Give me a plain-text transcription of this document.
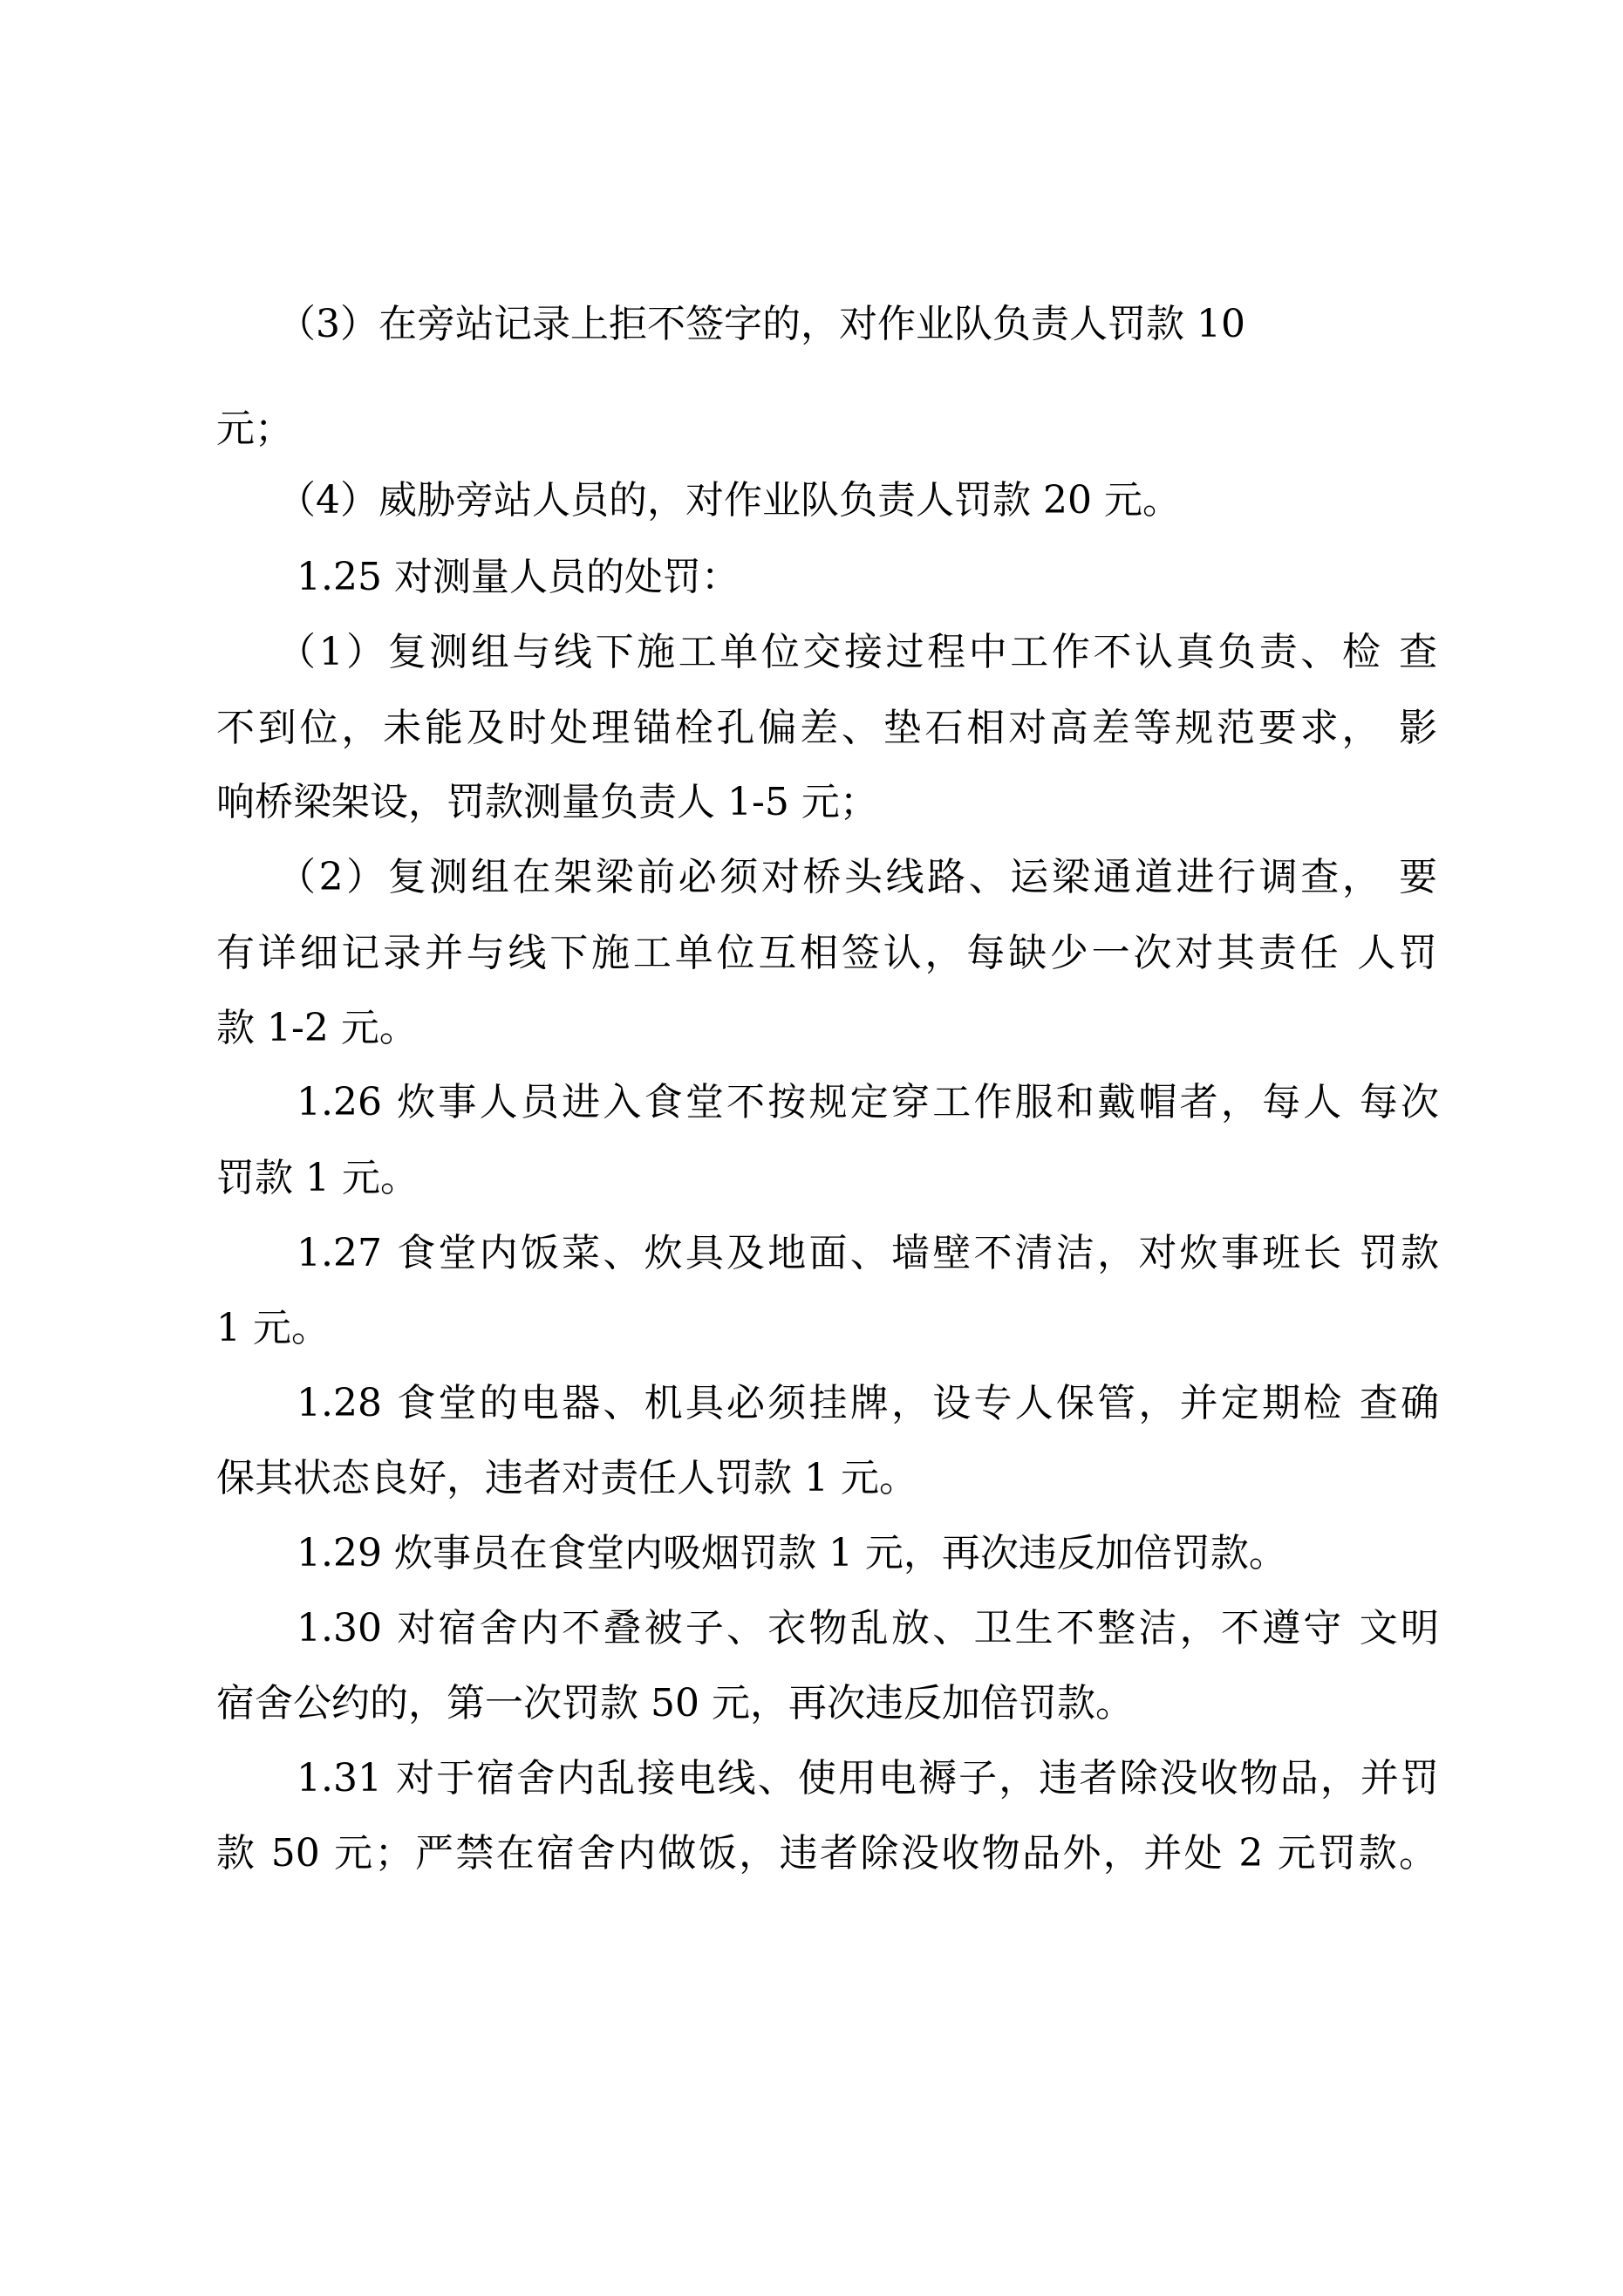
（3）在旁站记录上拒不签字的，对作业队负责人罚款 10
元；
（4）威胁旁站人员的，对作业队负责人罚款 20 元。
1.25 对测量人员的处罚：
（1）复测组与线下施工单位交接过程中工作不认真负责、检 查
不到位，未能及时处理锚栓孔偏差、垫石相对高差等规范要求， 影
响桥梁架设，罚款测量负责人 1-5 元；
（2）复测组在架梁前必须对桥头线路、运梁通道进行调查， 要
有详细记录并与线下施工单位互相签认，每缺少一次对其责任 人罚
款 1-2 元。
1.26 炊事人员进入食堂不按规定穿工作服和戴帽者，每人 每次
罚款 1 元。
1.27 食堂内饭菜、炊具及地面、墙壁不清洁，对炊事班长 罚款
1 元。
1.28 食堂的电器、机具必须挂牌，设专人保管，并定期检 查确
保其状态良好，违者对责任人罚款 1 元。
1.29 炊事员在食堂内吸烟罚款 1 元，再次违反加倍罚款。
1.30 对宿舍内不叠被子、衣物乱放、卫生不整洁，不遵守 文明
宿舍公约的，第一次罚款 50 元，再次违反加倍罚款。
1.31 对于宿舍内乱接电线、使用电褥子，违者除没收物品，并罚
款 50 元；严禁在宿舍内做饭，违者除没收物品外，并处 2 元罚款。
